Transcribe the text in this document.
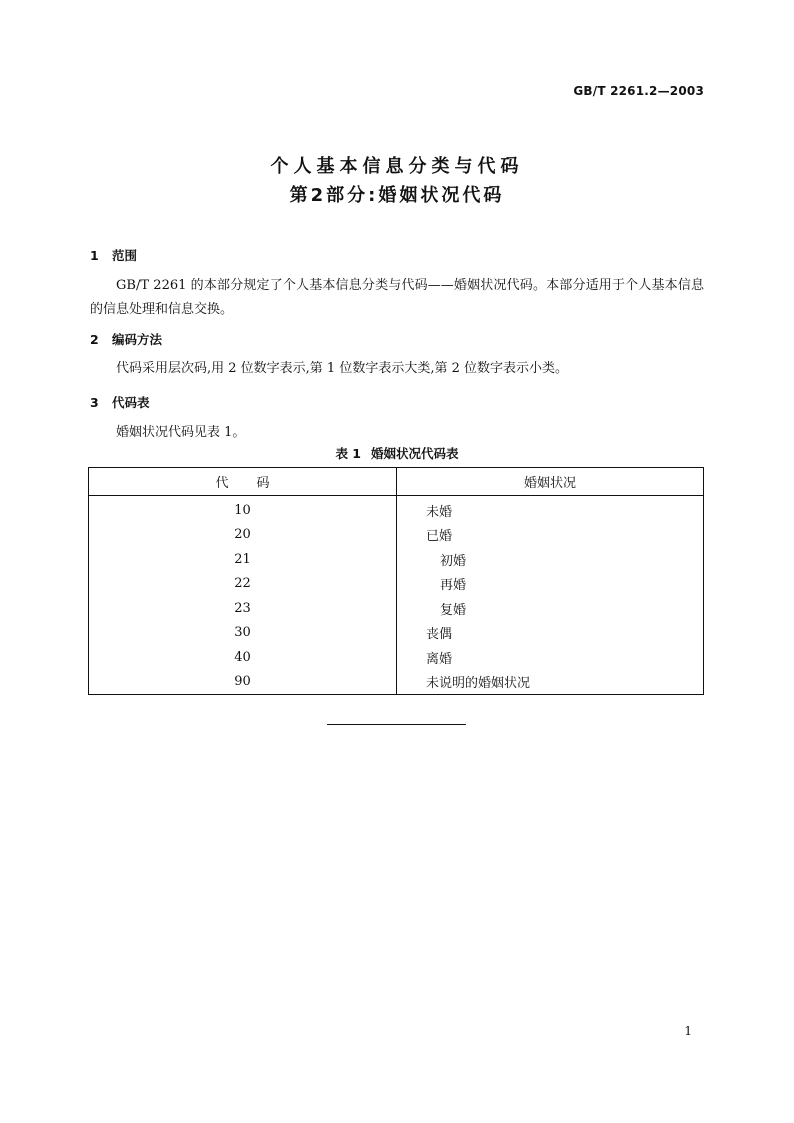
GB/T 2261.2—2003
个人基本信息分类与代码
第2部分:婚姻状况代码
1 范围
GB/T 2261 的本部分规定了个人基本信息分类与代码——婚姻状况代码。本部分适用于个人基本信息的信息处理和信息交换。
2 编码方法
代码采用层次码,用 2 位数字表示,第 1 位数字表示大类,第 2 位数字表示小类。
3 代码表
婚姻状况代码见表 1。
表 1 婚姻状况代码表
代码	婚姻状况
10	未婚
20	已婚
21	初婚
22	再婚
23	复婚
30	丧偶
40	离婚
90	未说明的婚姻状况
1
